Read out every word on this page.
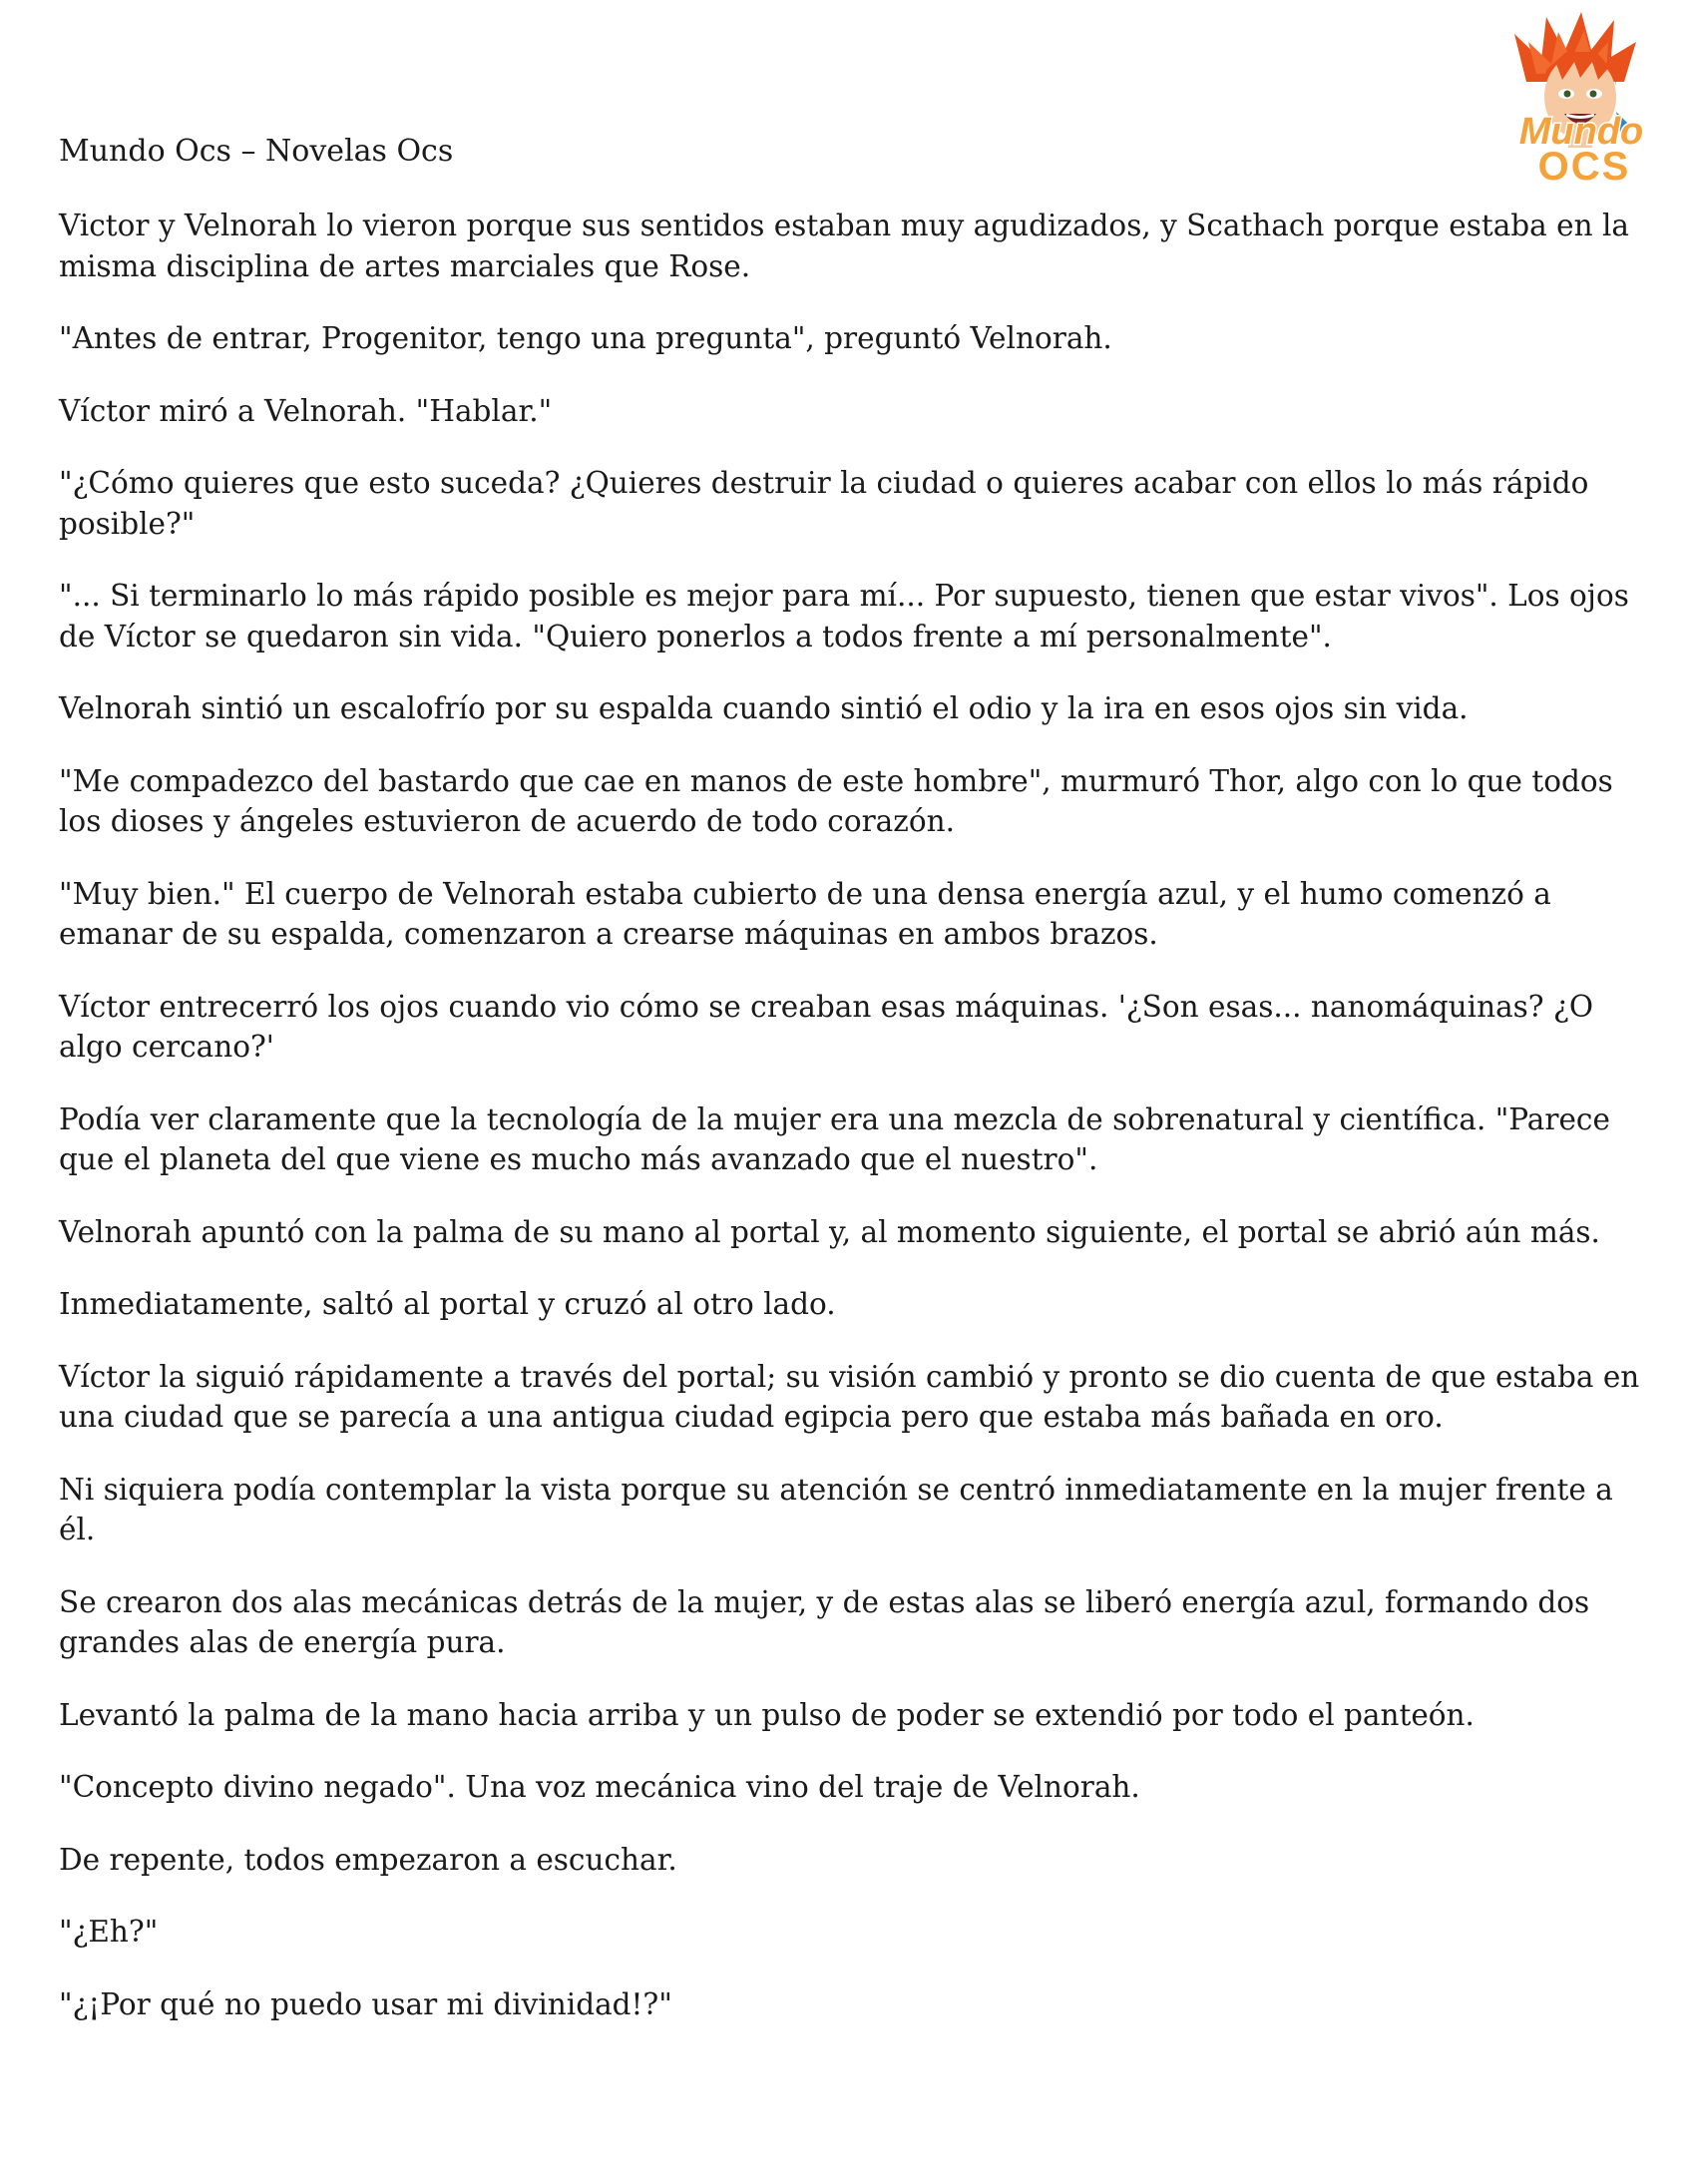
Mundo Ocs – Novelas Ocs	Mundo
OCS

Victor y Velnorah lo vieron porque sus sentidos estaban muy agudizados, y Scathach porque estaba en la misma disciplina de artes marciales que Rose.

"Antes de entrar, Progenitor, tengo una pregunta", preguntó Velnorah.

Víctor miró a Velnorah. "Hablar."

"¿Cómo quieres que esto suceda? ¿Quieres destruir la ciudad o quieres acabar con ellos lo más rápido posible?"

"... Si terminarlo lo más rápido posible es mejor para mí... Por supuesto, tienen que estar vivos". Los ojos de Víctor se quedaron sin vida. "Quiero ponerlos a todos frente a mí personalmente".

Velnorah sintió un escalofrío por su espalda cuando sintió el odio y la ira en esos ojos sin vida.

"Me compadezco del bastardo que cae en manos de este hombre", murmuró Thor, algo con lo que todos los dioses y ángeles estuvieron de acuerdo de todo corazón.

"Muy bien." El cuerpo de Velnorah estaba cubierto de una densa energía azul, y el humo comenzó a emanar de su espalda, comenzaron a crearse máquinas en ambos brazos.

Víctor entrecerró los ojos cuando vio cómo se creaban esas máquinas. '¿Son esas... nanomáquinas? ¿O algo cercano?'

Podía ver claramente que la tecnología de la mujer era una mezcla de sobrenatural y científica. "Parece que el planeta del que viene es mucho más avanzado que el nuestro".

Velnorah apuntó con la palma de su mano al portal y, al momento siguiente, el portal se abrió aún más.

Inmediatamente, saltó al portal y cruzó al otro lado.

Víctor la siguió rápidamente a través del portal; su visión cambió y pronto se dio cuenta de que estaba en una ciudad que se parecía a una antigua ciudad egipcia pero que estaba más bañada en oro.

Ni siquiera podía contemplar la vista porque su atención se centró inmediatamente en la mujer frente a él.

Se crearon dos alas mecánicas detrás de la mujer, y de estas alas se liberó energía azul, formando dos grandes alas de energía pura.

Levantó la palma de la mano hacia arriba y un pulso de poder se extendió por todo el panteón.

"Concepto divino negado". Una voz mecánica vino del traje de Velnorah.

De repente, todos empezaron a escuchar.

"¿Eh?"

"¿¡Por qué no puedo usar mi divinidad!?"
